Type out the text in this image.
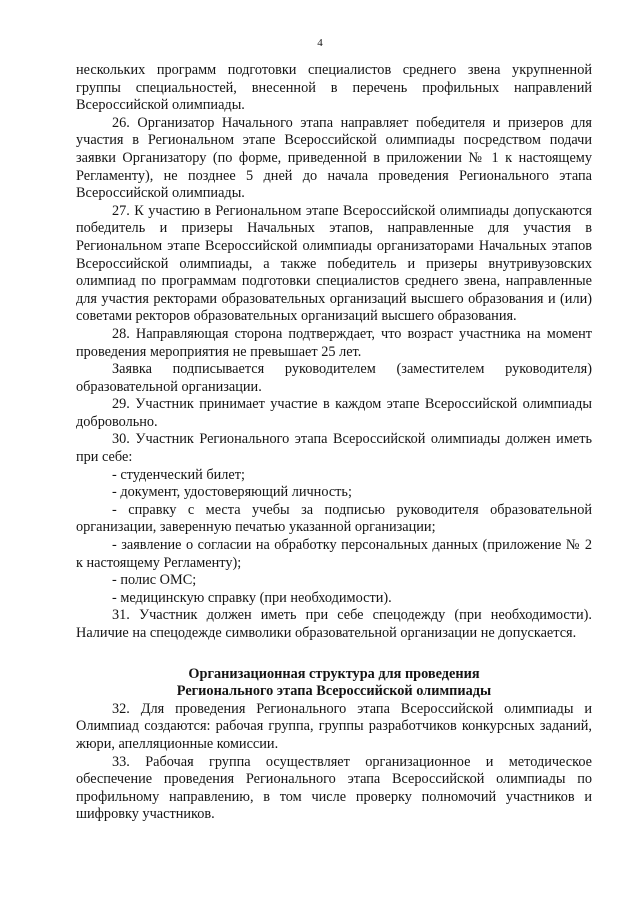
4

нескольких программ подготовки специалистов среднего звена укрупненной группы специальностей, внесенной в перечень профильных направлений Всероссийской олимпиады.

26. Организатор Начального этапа направляет победителя и призеров для участия в Региональном этапе Всероссийской олимпиады посредством подачи заявки Организатору (по форме, приведенной в приложении № 1 к настоящему Регламенту), не позднее 5 дней до начала проведения Регионального этапа Всероссийской олимпиады.

27. К участию в Региональном этапе Всероссийской олимпиады допускаются победитель и призеры Начальных этапов, направленные для участия в Региональном этапе Всероссийской олимпиады организаторами Начальных этапов Всероссийской олимпиады, а также победитель и призеры внутривузовских олимпиад по программам подготовки специалистов среднего звена, направленные для участия ректорами образовательных организаций высшего образования и (или) советами ректоров образовательных организаций высшего образования.

28. Направляющая сторона подтверждает, что возраст участника на момент проведения мероприятия не превышает 25 лет.

Заявка подписывается руководителем (заместителем руководителя) образовательной организации.

29. Участник принимает участие в каждом этапе Всероссийской олимпиады добровольно.

30. Участник Регионального этапа Всероссийской олимпиады должен иметь при себе:

- студенческий билет;

- документ, удостоверяющий личность;

- справку с места учебы за подписью руководителя образовательной организации, заверенную печатью указанной организации;

- заявление о согласии на обработку персональных данных (приложение № 2 к настоящему Регламенту);

- полис ОМС;

- медицинскую справку (при необходимости).

31. Участник должен иметь при себе спецодежду (при необходимости). Наличие на спецодежде символики образовательной организации не допускается.

Организационная структура для проведения
Регионального этапа Всероссийской олимпиады

32. Для проведения Регионального этапа Всероссийской олимпиады и Олимпиад создаются: рабочая группа, группы разработчиков конкурсных заданий, жюри, апелляционные комиссии.

33. Рабочая группа осуществляет организационное и методическое обеспечение проведения Регионального этапа Всероссийской олимпиады по профильному направлению, в том числе проверку полномочий участников и шифровку участников.
